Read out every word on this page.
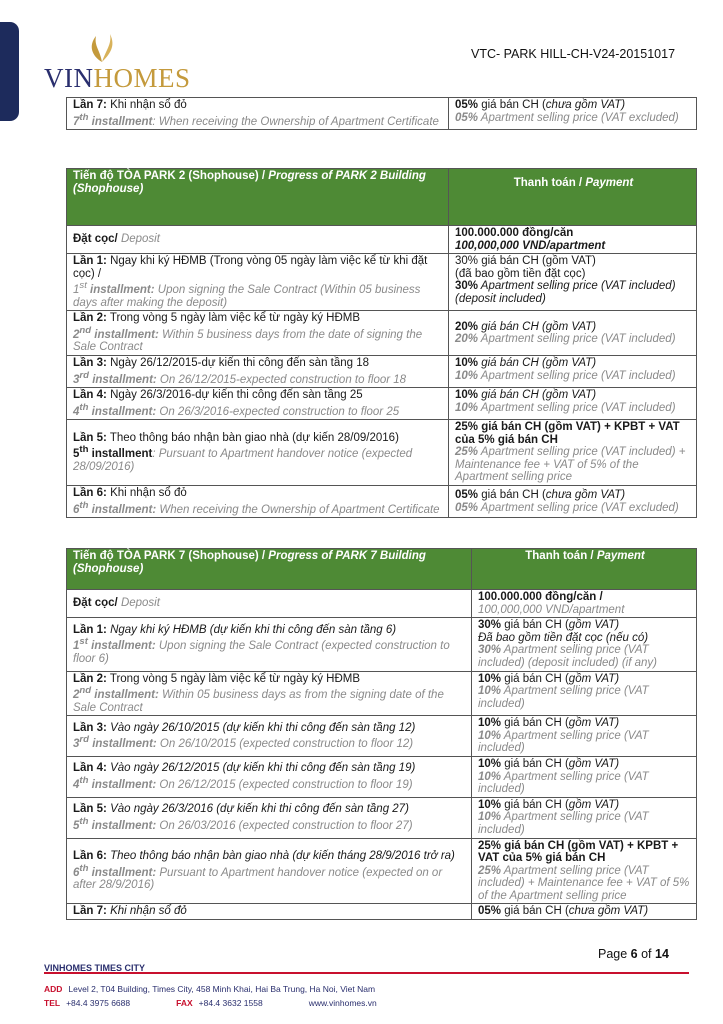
VINHOMES
VTC- PARK HILL-CH-V24-20151017
Lần 7: Khi nhận sổ đỏ
7th installment: When receiving the Ownership of Apartment Certificate	05% giá bán CH (chưa gồm VAT)
05% Apartment selling price (VAT excluded)
Tiến độ TÒA PARK 2 (Shophouse) / Progress of PARK 2 Building (Shophouse)	Thanh toán / Payment
Đặt cọc/ Deposit	100.000.000 đồng/căn
100,000,000 VND/apartment
Lần 1: Ngay khi ký HĐMB (Trong vòng 05 ngày làm việc kể từ khi đặt cọc) /
1st installment: Upon signing the Sale Contract (Within 05 business days after making the deposit)	30% giá bán CH (gồm VAT)
(đã bao gồm tiền đặt cọc)
30% Apartment selling price (VAT included)(deposit included)
Lần 2: Trong vòng 5 ngày làm việc kể từ ngày ký HĐMB
2nd installment: Within 5 business days from the date of signing the Sale Contract	20% giá bán CH (gồm VAT)
20% Apartment selling price (VAT included)
Lần 3: Ngày 26/12/2015-dự kiến thi công đến sàn tầng 18
3rd installment: On 26/12/2015-expected construction to floor 18	10% giá bán CH (gồm VAT)
10% Apartment selling price (VAT included)
Lần 4: Ngày 26/3/2016-dự kiến thi công đến sàn tầng 25
4th installment: On 26/3/2016-expected construction to floor 25	10% giá bán CH (gồm VAT)
10% Apartment selling price (VAT included)
Lần 5: Theo thông báo nhận bàn giao nhà (dự kiến 28/09/2016)
5th installment: Pursuant to Apartment handover notice (expected 28/09/2016)	25% giá bán CH (gồm VAT) + KPBT + VAT của 5% giá bán CH
25% Apartment selling price (VAT included) + Maintenance fee + VAT of 5% of the Apartment selling price
Lần 6: Khi nhận sổ đỏ
6th installment: When receiving the Ownership of Apartment Certificate	05% giá bán CH (chưa gồm VAT)
05% Apartment selling price (VAT excluded)
Tiến độ TÒA PARK 7 (Shophouse) / Progress of PARK 7 Building (Shophouse)	Thanh toán / Payment
Đặt cọc/ Deposit	100.000.000 đồng/căn /
100,000,000 VND/apartment
Lần 1: Ngay khi ký HĐMB (dự kiến khi thi công đến sàn tầng 6)
1st installment: Upon signing the Sale Contract (expected construction to floor 6)	30% giá bán CH (gồm VAT)
Đã bao gồm tiền đặt cọc (nếu có)
30% Apartment selling price (VAT included) (deposit included) (if any)
Lần 2: Trong vòng 5 ngày làm việc kể từ ngày ký HĐMB
2nd installment: Within 05 business days as from the signing date of the Sale Contract	10% giá bán CH (gồm VAT)
10% Apartment selling price (VAT included)
Lần 3: Vào ngày 26/10/2015 (dự kiến khi thi công đến sàn tầng 12)
3rd installment: On 26/10/2015 (expected construction to floor 12)	10% giá bán CH (gồm VAT)
10% Apartment selling price (VAT included)
Lần 4: Vào ngày 26/12/2015 (dự kiến khi thi công đến sàn tầng 19)
4th installment: On 26/12/2015 (expected construction to floor 19)	10% giá bán CH (gồm VAT)
10% Apartment selling price (VAT included)
Lần 5: Vào ngày 26/3/2016 (dự kiến khi thi công đến sàn tầng 27)
5th installment: On 26/03/2016 (expected construction to floor 27)	10% giá bán CH (gồm VAT)
10% Apartment selling price (VAT included)
Lần 6: Theo thông báo nhận bàn giao nhà (dự kiến tháng 28/9/2016 trở ra)
6th installment: Pursuant to Apartment handover notice (expected on or after 28/9/2016)	25% giá bán CH (gồm VAT) + KPBT + VAT của 5% giá bán CH
25% Apartment selling price (VAT included) + Maintenance fee + VAT of 5% of the Apartment selling price
Lần 7: Khi nhận sổ đỏ	05% giá bán CH (chưa gồm VAT)
Page 6 of 14
VINHOMES TIMES CITY
ADD Level 2, T04 Building, Times City, 458 Minh Khai, Hai Ba Trung, Ha Noi, Viet Nam
TEL +84.4 3975 6688	FAX +84.4 3632 1558	www.vinhomes.vn
